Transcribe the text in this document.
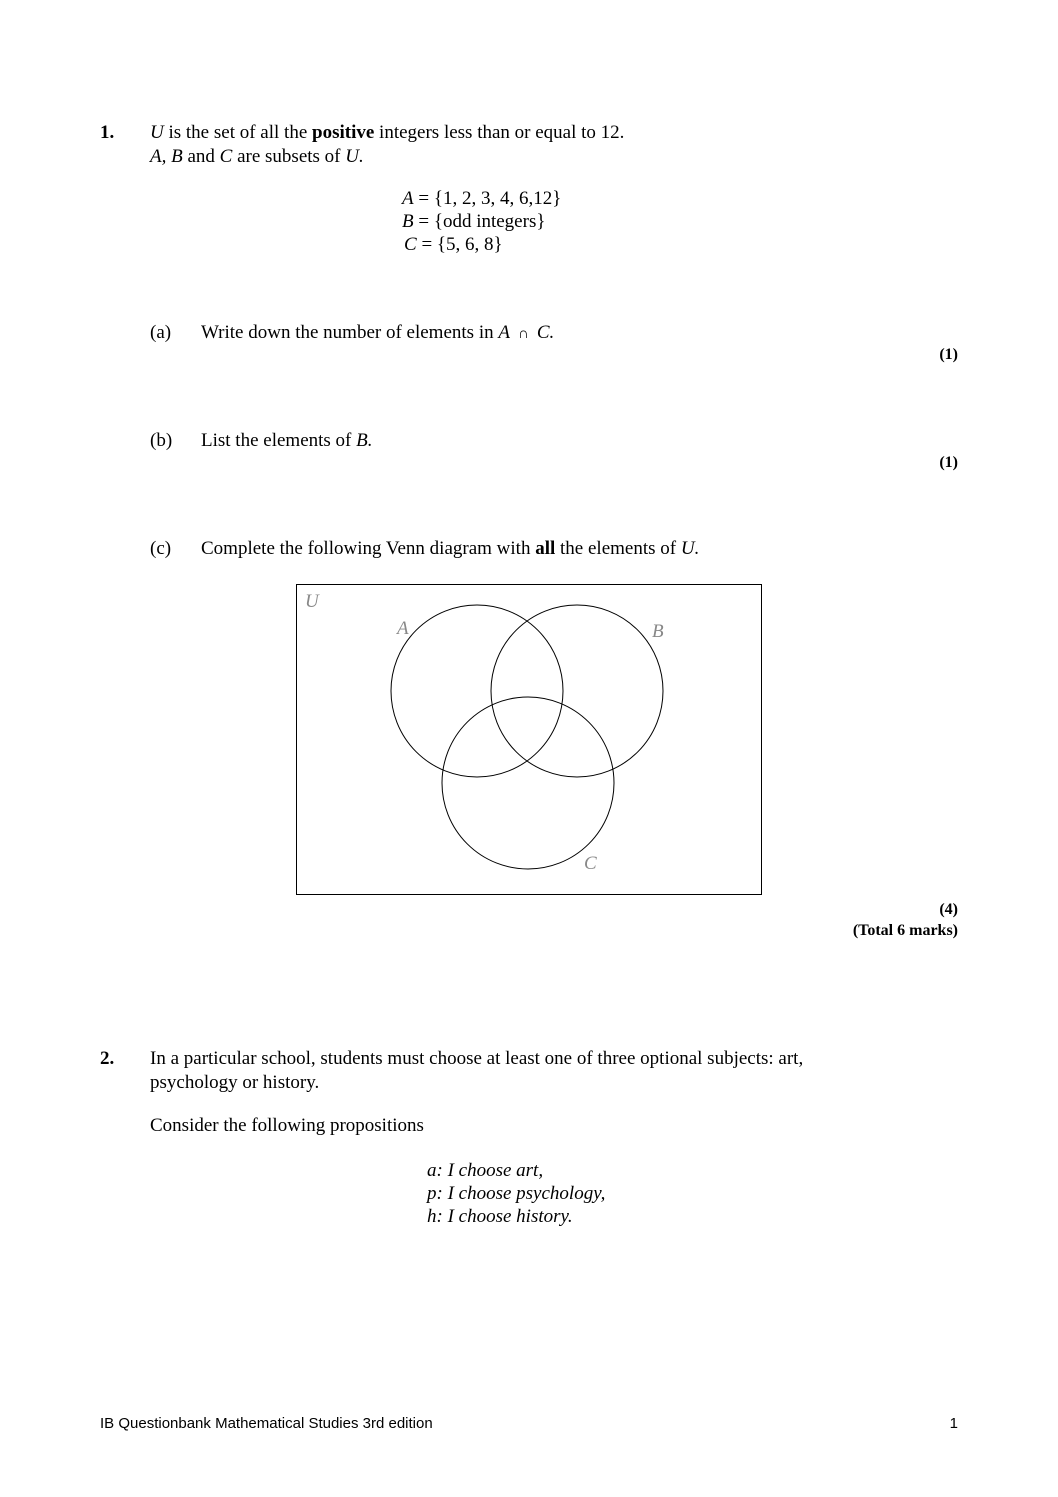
1. U is the set of all the positive integers less than or equal to 12.
A, B and C are subsets of U.
A = {1, 2, 3, 4, 6,12}
B = {odd integers}
C = {5, 6, 8}
(a) Write down the number of elements in A ∩ C.
(1)
(b) List the elements of B.
(1)
(c) Complete the following Venn diagram with all the elements of U.
U
A	B
C
(4)
(Total 6 marks)
2. In a particular school, students must choose at least one of three optional subjects: art,
psychology or history.
Consider the following propositions
a: I choose art,
p: I choose psychology,
h: I choose history.
IB Questionbank Mathematical Studies 3rd edition	1
